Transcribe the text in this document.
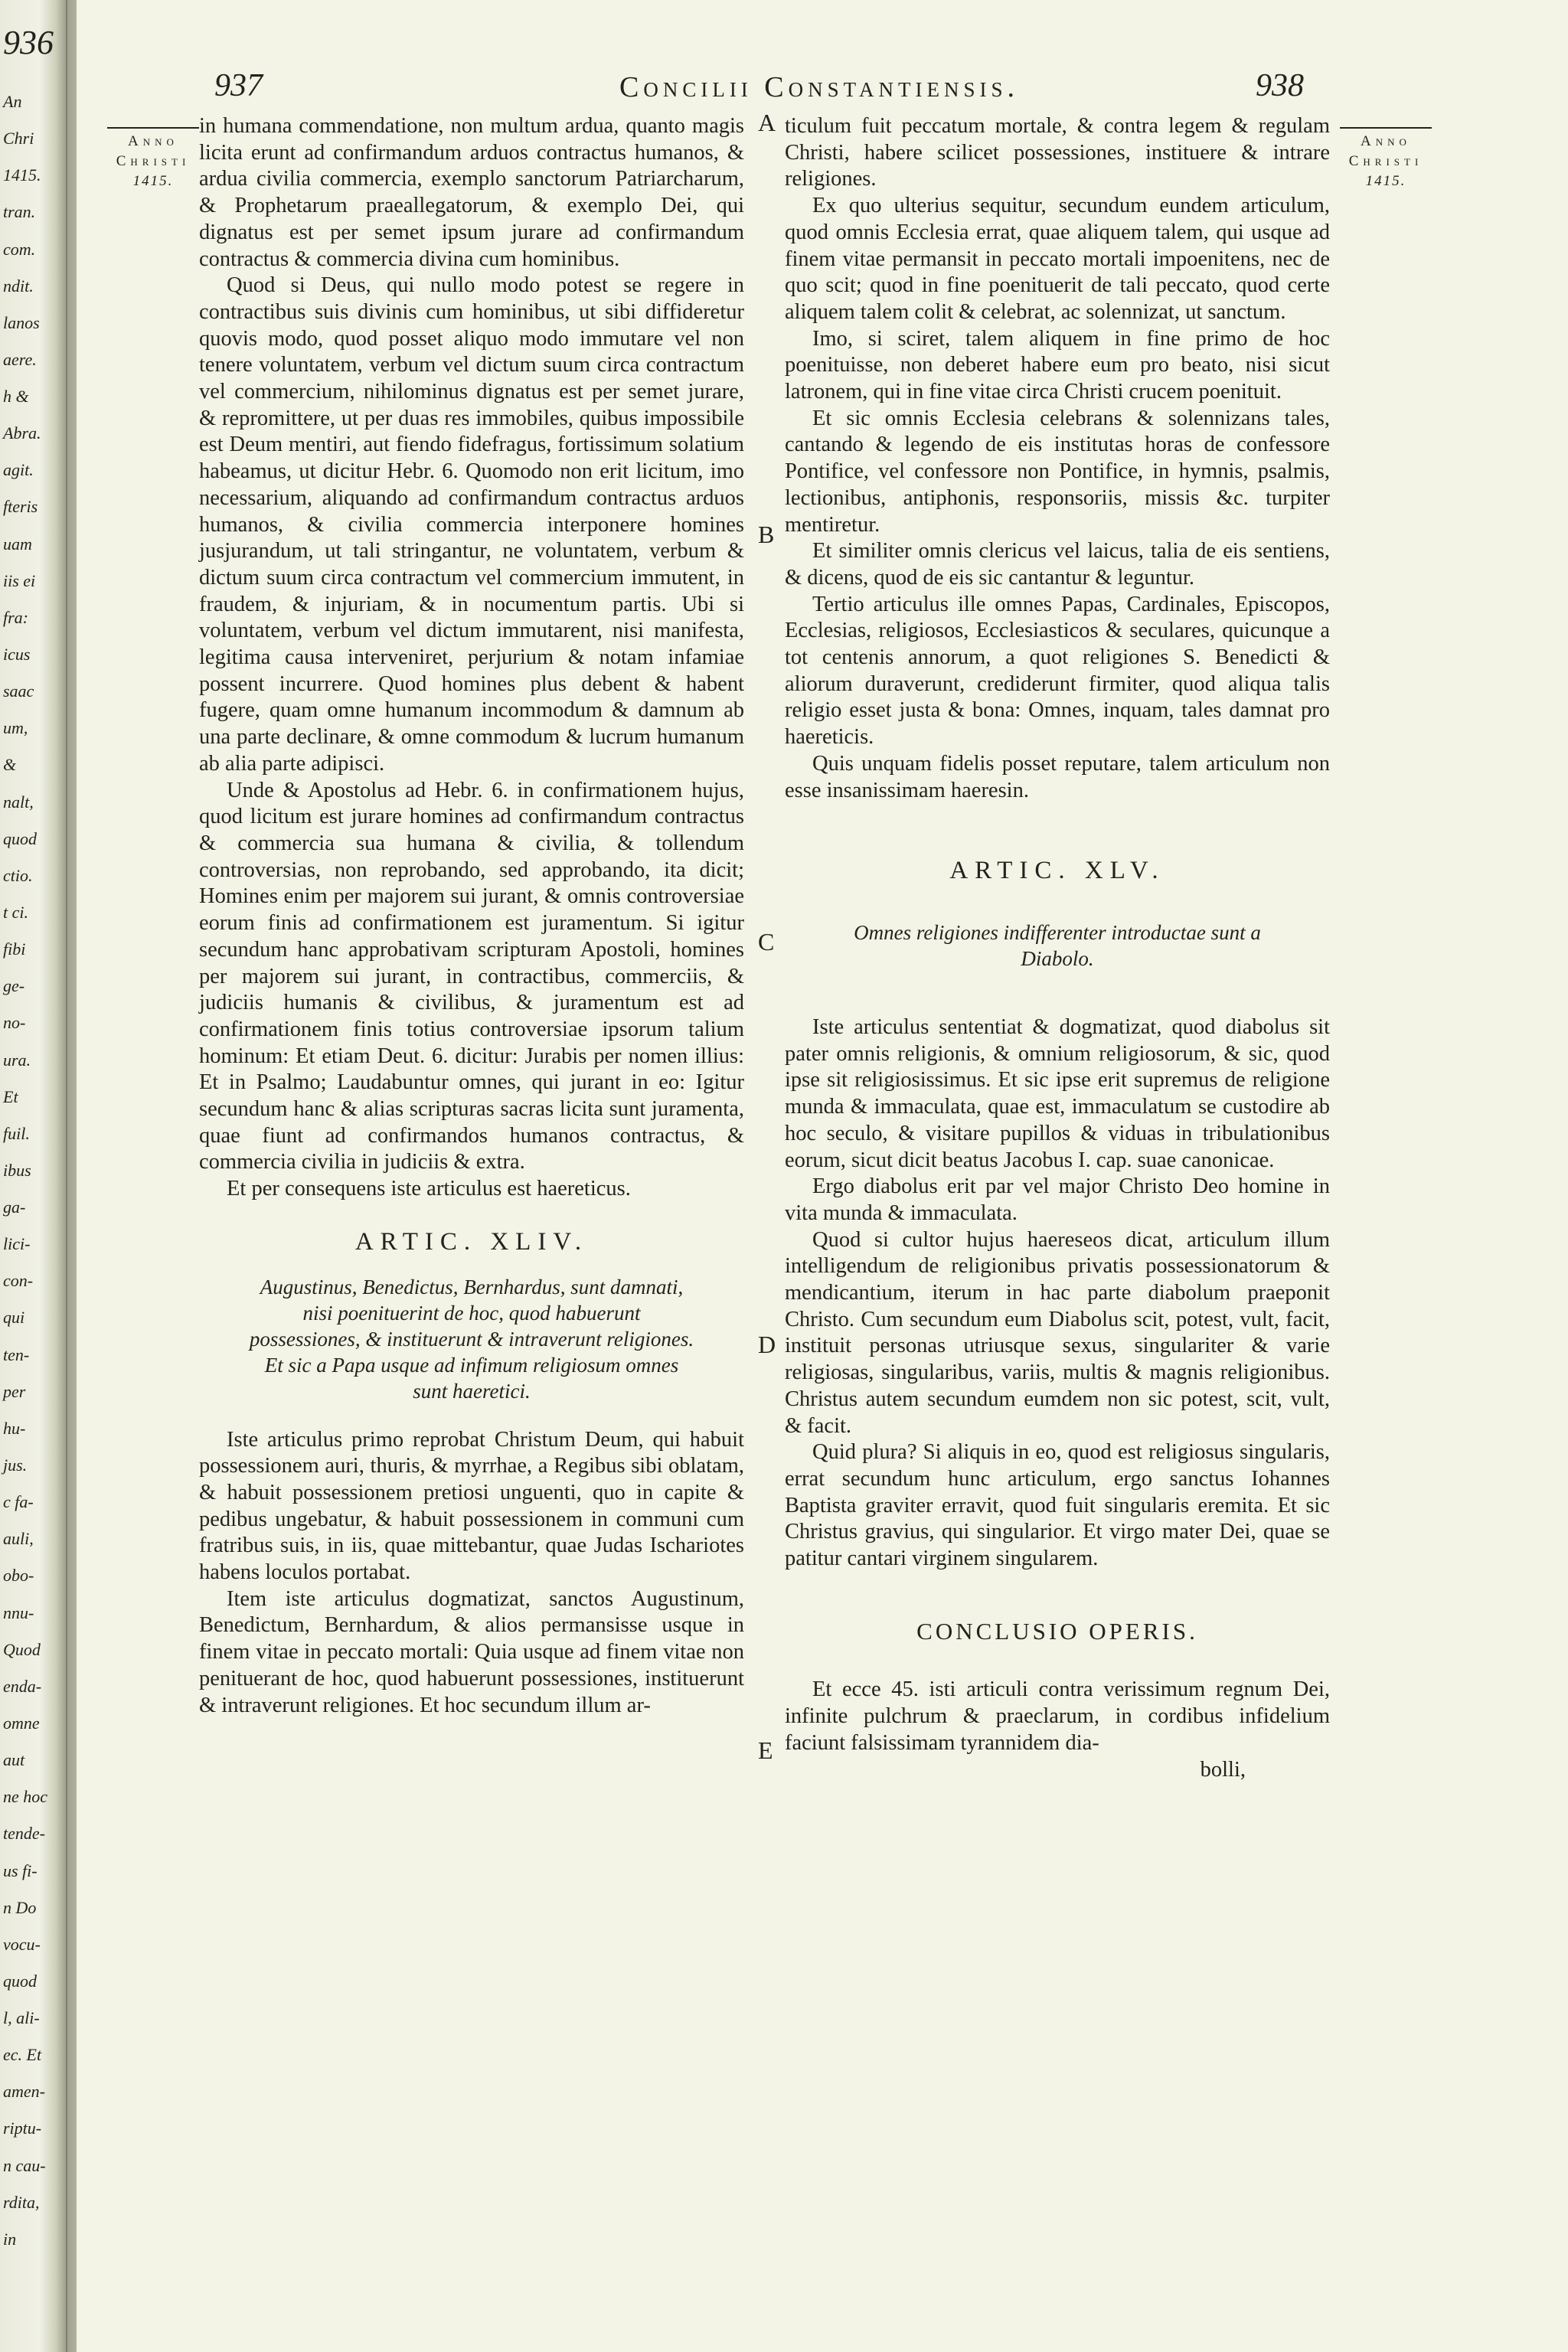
936
An
Chri
1415.
tran.
com.
ndit.
lanos
aere.
h &
Abra.
agit.
fteris
uam
iis ei
fra:
icus
saac
um,
&
nalt,
quod
ctio.
t ci.
fibi
ge-
no-
ura.
Et
fuil.
ibus
ga-
lici-
con-
qui
ten-
per
hu-
jus.
c fa-
auli,
obo-
nnu-
Quod
enda-
omne
aut
ne hoc
tende-
us fi-
n Do
vocu-
quod
l, ali-
ec. Et
amen-
riptu-
n cau-
rdita,
in
937	Concilii Constantiensis.	938
Anno
Christi
1415.
Anno
Christi
1415.
A
B
C
D
E

in humana commendatione, non multum ardua, quanto magis licita erunt ad confirmandum arduos contractus humanos, & ardua civilia commercia, exemplo sanctorum Patriarcharum, & Prophetarum praeallegatorum, & exemplo Dei, qui dignatus est per semet ipsum jurare ad confirmandum contractus & commercia divina cum hominibus.

Quod si Deus, qui nullo modo potest se regere in contractibus suis divinis cum hominibus, ut sibi diffideretur quovis modo, quod posset aliquo modo immutare vel non tenere voluntatem, verbum vel dictum suum circa contractum vel commercium, nihilominus dignatus est per semet jurare, & repromittere, ut per duas res immobiles, quibus impossibile est Deum mentiri, aut fiendo fidefragus, fortissimum solatium habeamus, ut dicitur Hebr. 6. Quomodo non erit licitum, imo necessarium, aliquando ad confirmandum contractus arduos humanos, & civilia commercia interponere homines jusjurandum, ut tali stringantur, ne voluntatem, verbum & dictum suum circa contractum vel commercium immutent, in fraudem, & injuriam, & in nocumentum partis. Ubi si voluntatem, verbum vel dictum immutarent, nisi manifesta, legitima causa interveniret, perjurium & notam infamiae possent incurrere. Quod homines plus debent & habent fugere, quam omne humanum incommodum & damnum ab una parte declinare, & omne commodum & lucrum humanum ab alia parte adipisci.

Unde & Apostolus ad Hebr. 6. in confirmationem hujus, quod licitum est jurare homines ad confirmandum contractus & commercia sua humana & civilia, & tollendum controversias, non reprobando, sed approbando, ita dicit; Homines enim per majorem sui jurant, & omnis controversiae eorum finis ad confirmationem est juramentum. Si igitur secundum hanc approbativam scripturam Apostoli, homines per majorem sui jurant, in contractibus, commerciis, & judiciis humanis & civilibus, & juramentum est ad confirmationem finis totius controversiae ipsorum talium hominum: Et etiam Deut. 6. dicitur: Jurabis per nomen illius: Et in Psalmo; Laudabuntur omnes, qui jurant in eo: Igitur secundum hanc & alias scripturas sacras licita sunt juramenta, quae fiunt ad confirmandos humanos contractus, & commercia civilia in judiciis & extra.

Et per consequens iste articulus est haereticus.

ARTIC. XLIV.
Augustinus, Benedictus, Bernhardus, sunt damnati, nisi poenituerint de hoc, quod habuerunt possessiones, & instituerunt & intraverunt religiones. Et sic a Papa usque ad infimum religiosum omnes sunt haeretici.

Iste articulus primo reprobat Christum Deum, qui habuit possessionem auri, thuris, & myrrhae, a Regibus sibi oblatam, & habuit possessionem pretiosi unguenti, quo in capite & pedibus ungebatur, & habuit possessionem in communi cum fratribus suis, in iis, quae mittebantur, quae Judas Ischariotes habens loculos portabat.

Item iste articulus dogmatizat, sanctos Augustinum, Benedictum, Bernhardum, & alios permansisse usque in finem vitae in peccato mortali: Quia usque ad finem vitae non penituerant de hoc, quod habuerunt possessiones, instituerunt & intraverunt religiones. Et hoc secundum illum ar-

ticulum fuit peccatum mortale, & contra legem & regulam Christi, habere scilicet possessiones, instituere & intrare religiones.

Ex quo ulterius sequitur, secundum eundem articulum, quod omnis Ecclesia errat, quae aliquem talem, qui usque ad finem vitae permansit in peccato mortali impoenitens, nec de quo scit; quod in fine poenituerit de tali peccato, quod certe aliquem talem colit & celebrat, ac solennizat, ut sanctum.

Imo, si sciret, talem aliquem in fine primo de hoc poenituisse, non deberet habere eum pro beato, nisi sicut latronem, qui in fine vitae circa Christi crucem poenituit.

Et sic omnis Ecclesia celebrans & solennizans tales, cantando & legendo de eis institutas horas de confessore Pontifice, vel confessore non Pontifice, in hymnis, psalmis, lectionibus, antiphonis, responsoriis, missis &c. turpiter mentiretur.

Et similiter omnis clericus vel laicus, talia de eis sentiens, & dicens, quod de eis sic cantantur & leguntur.

Tertio articulus ille omnes Papas, Cardinales, Episcopos, Ecclesias, religiosos, Ecclesiasticos & seculares, quicunque a tot centenis annorum, a quot religiones S. Benedicti & aliorum duraverunt, crediderunt firmiter, quod aliqua talis religio esset justa & bona: Omnes, inquam, tales damnat pro haereticis.

Quis unquam fidelis posset reputare, talem articulum non esse insanissimam haeresin.

ARTIC. XLV.
Omnes religiones indifferenter introductae sunt a Diabolo.

Iste articulus sententiat & dogmatizat, quod diabolus sit pater omnis religionis, & omnium religiosorum, & sic, quod ipse sit religiosissimus. Et sic ipse erit supremus de religione munda & immaculata, quae est, immaculatum se custodire ab hoc seculo, & visitare pupillos & viduas in tribulationibus eorum, sicut dicit beatus Jacobus I. cap. suae canonicae.

Ergo diabolus erit par vel major Christo Deo homine in vita munda & immaculata.

Quod si cultor hujus haereseos dicat, articulum illum intelligendum de religionibus privatis possessionatorum & mendicantium, iterum in hac parte diabolum praeponit Christo. Cum secundum eum Diabolus scit, potest, vult, facit, instituit personas utriusque sexus, singulariter & varie religiosas, singularibus, variis, multis & magnis religionibus. Christus autem secundum eumdem non sic potest, scit, vult, & facit.

Quid plura? Si aliquis in eo, quod est religiosus singularis, errat secundum hunc articulum, ergo sanctus Iohannes Baptista graviter erravit, quod fuit singularis eremita. Et sic Christus gravius, qui singularior. Et virgo mater Dei, quae se patitur cantari virginem singularem.

CONCLUSIO OPERIS.

Et ecce 45. isti articuli contra verissimum regnum Dei, infinite pulchrum & praeclarum, in cordibus infidelium faciunt falsissimam tyrannidem dia-

bolli,
